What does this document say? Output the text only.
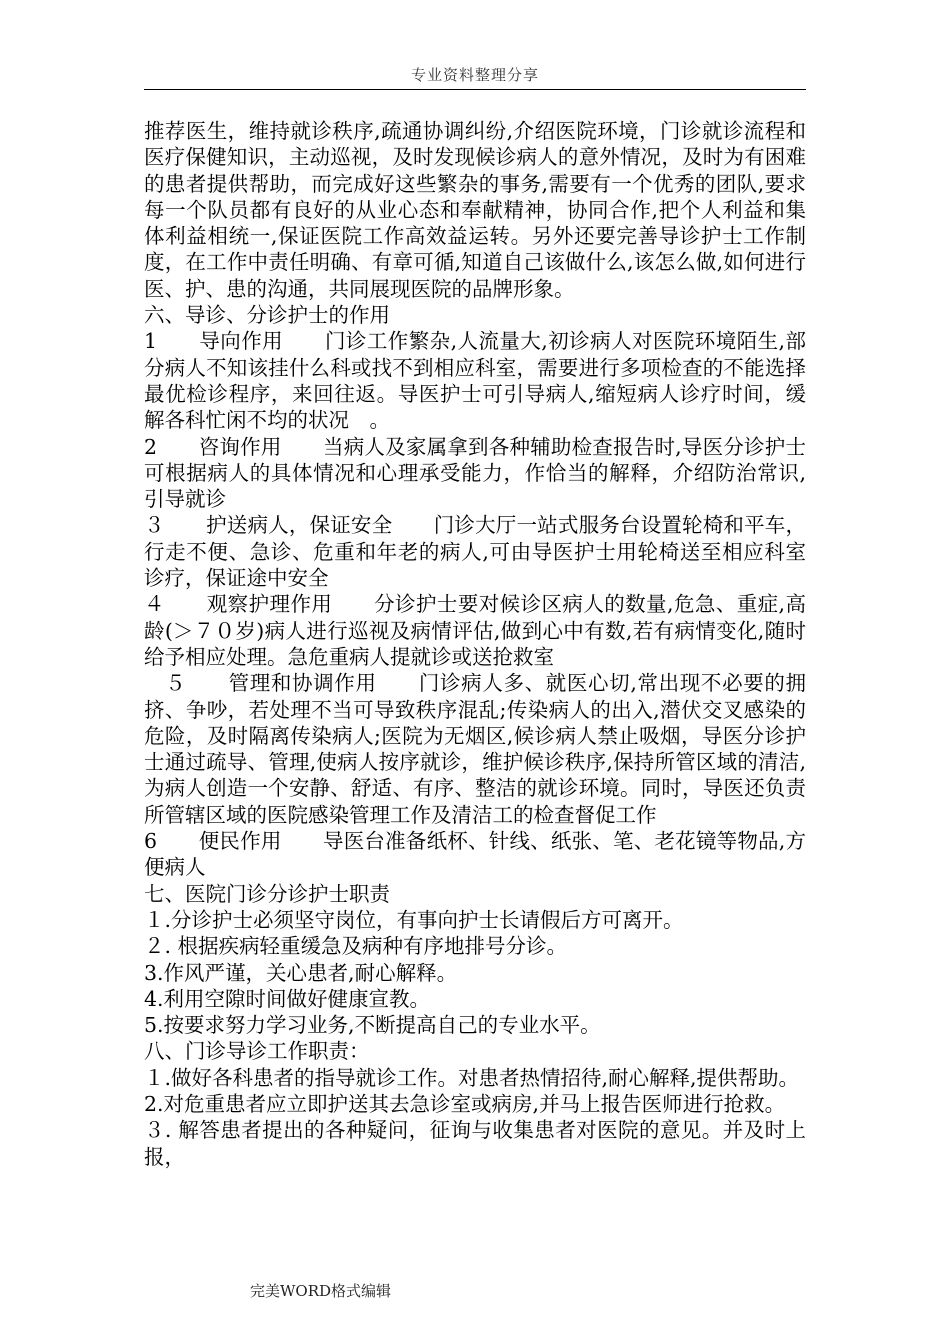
专业资料整理分享

推荐医生，维持就诊秩序,疏通协调纠纷,介绍医院环境，门诊就诊流程和医疗保健知识，主动巡视，及时发现候诊病人的意外情况，及时为有困难的患者提供帮助，而完成好这些繁杂的事务,需要有一个优秀的团队,要求每一个队员都有良好的从业心态和奉献精神，协同合作,把个人利益和集体利益相统一,保证医院工作高效益运转。另外还要完善导诊护士工作制度，在工作中责任明确、有章可循,知道自己该做什么,该怎么做,如何进行医、护、患的沟通，共同展现医院的品牌形象。

六、导诊、分诊护士的作用

1　　导向作用　　门诊工作繁杂,人流量大,初诊病人对医院环境陌生,部分病人不知该挂什么科或找不到相应科室，需要进行多项检查的不能选择最优检诊程序，来回往返。导医护士可引导病人,缩短病人诊疗时间，缓解各科忙闲不均的状况　。

2　　咨询作用　　当病人及家属拿到各种辅助检查报告时,导医分诊护士可根据病人的具体情况和心理承受能力，作恰当的解释，介绍防治常识,引导就诊

３　　护送病人，保证安全　　门诊大厅一站式服务台设置轮椅和平车，行走不便、急诊、危重和年老的病人,可由导医护士用轮椅送至相应科室诊疗，保证途中安全

４　　观察护理作用　　分诊护士要对候诊区病人的数量,危急、重症,高龄(＞７０岁)病人进行巡视及病情评估,做到心中有数,若有病情变化,随时给予相应处理。急危重病人提就诊或送抢救室

　５　　管理和协调作用　　门诊病人多、就医心切,常出现不必要的拥挤、争吵，若处理不当可导致秩序混乱;传染病人的出入,潜伏交叉感染的危险，及时隔离传染病人;医院为无烟区,候诊病人禁止吸烟，导医分诊护士通过疏导、管理,使病人按序就诊，维护候诊秩序,保持所管区域的清洁,为病人创造一个安静、舒适、有序、整洁的就诊环境。同时，导医还负责所管辖区域的医院感染管理工作及清洁工的检查督促工作

6　　便民作用　　导医台准备纸杯、针线、纸张、笔、老花镜等物品,方便病人

七、医院门诊分诊护士职责

１.分诊护士必须坚守岗位，有事向护士长请假后方可离开。

２. 根据疾病轻重缓急及病种有序地排号分诊。

3.作风严谨，关心患者,耐心解释。

4.利用空隙时间做好健康宣教。

5.按要求努力学习业务,不断提高自己的专业水平。

八、门诊导诊工作职责：

１.做好各科患者的指导就诊工作。对患者热情招待,耐心解释,提供帮助。

2.对危重患者应立即护送其去急诊室或病房,并马上报告医师进行抢救。

３. 解答患者提出的各种疑问，征询与收集患者对医院的意见。并及时上报，

完美WORD格式编辑
